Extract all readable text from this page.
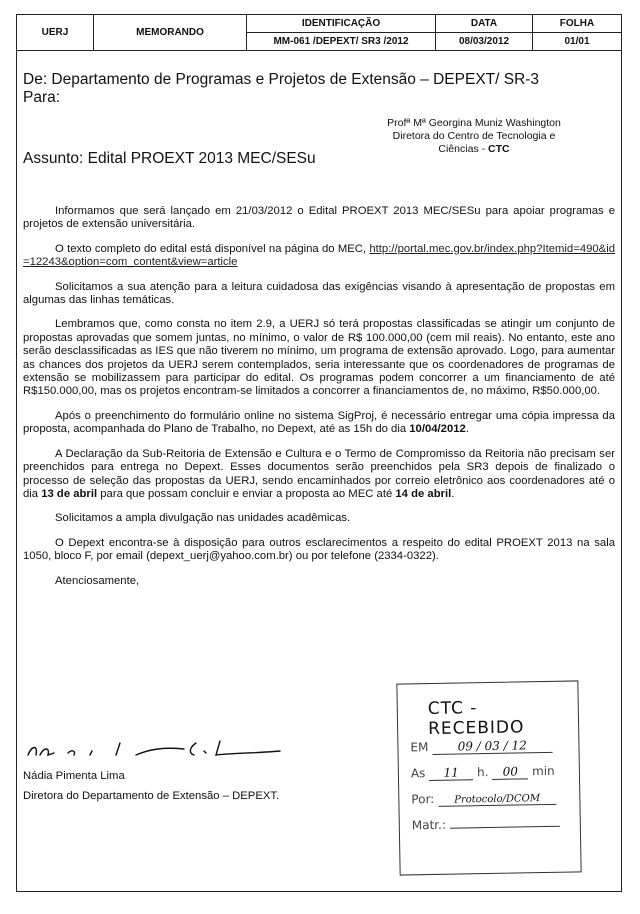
UERJ	MEMORANDO	IDENTIFICAÇÃO	DATA	FOLHA
		MM-061 /DEPEXT/ SR3 /2012	08/03/2012	01/01
De: Departamento de Programas e Projetos de Extensão – DEPEXT/ SR-3
Para:
Profª Mª Georgina Muniz Washington
Diretora do Centro de Tecnologia e
Ciências - CTC
Assunto: Edital PROEXT 2013 MEC/SESu

Informamos que será lançado em 21/03/2012 o Edital PROEXT 2013 MEC/SESu para apoiar programas e projetos de extensão universitária.

O texto completo do edital está disponível na página do MEC, http://portal.mec.gov.br/index.php?Itemid=490&id=12243&option=com_content&view=article

Solicitamos a sua atenção para a leitura cuidadosa das exigências visando à apresentação de propostas em algumas das linhas temáticas.

Lembramos que, como consta no item 2.9, a UERJ só terá propostas classificadas se atingir um conjunto de propostas aprovadas que somem juntas, no mínimo, o valor de R$ 100.000,00 (cem mil reais). No entanto, este ano serão desclassificadas as IES que não tiverem no mínimo, um programa de extensão aprovado. Logo, para aumentar as chances dos projetos da UERJ serem contemplados, seria interessante que os coordenadores de programas de extensão se mobilizassem para participar do edital. Os programas podem concorrer a um financiamento de até R$150.000,00, mas os projetos encontram-se limitados a concorrer a financiamentos de, no máximo, R$50.000,00.

Após o preenchimento do formulário online no sistema SigProj, é necessário entregar uma cópia impressa da proposta, acompanhada do Plano de Trabalho, no Depext, até as 15h do dia 10/04/2012.

A Declaração da Sub-Reitoria de Extensão e Cultura e o Termo de Compromisso da Reitoria não precisam ser preenchidos para entrega no Depext. Esses documentos serão preenchidos pela SR3 depois de finalizado o processo de seleção das propostas da UERJ, sendo encaminhados por correio eletrônico aos coordenadores até o dia 13 de abril para que possam concluir e enviar a proposta ao MEC até 14 de abril.

Solicitamos a ampla divulgação nas unidades acadêmicas.

O Depext encontra-se à disposição para outros esclarecimentos a respeito do edital PROEXT 2013 na sala 1050, bloco F, por email (depext_uerj@yahoo.com.br) ou por telefone (2334-0322).

Atenciosamente,

Nádia Pimenta Lima
Diretora do Departamento de Extensão – DEPEXT.
CTC - RECEBIDO
EM 09 / 03 / 12
As 11 h. 00 min
Por: Protocolo/DCOM
Matr.:
